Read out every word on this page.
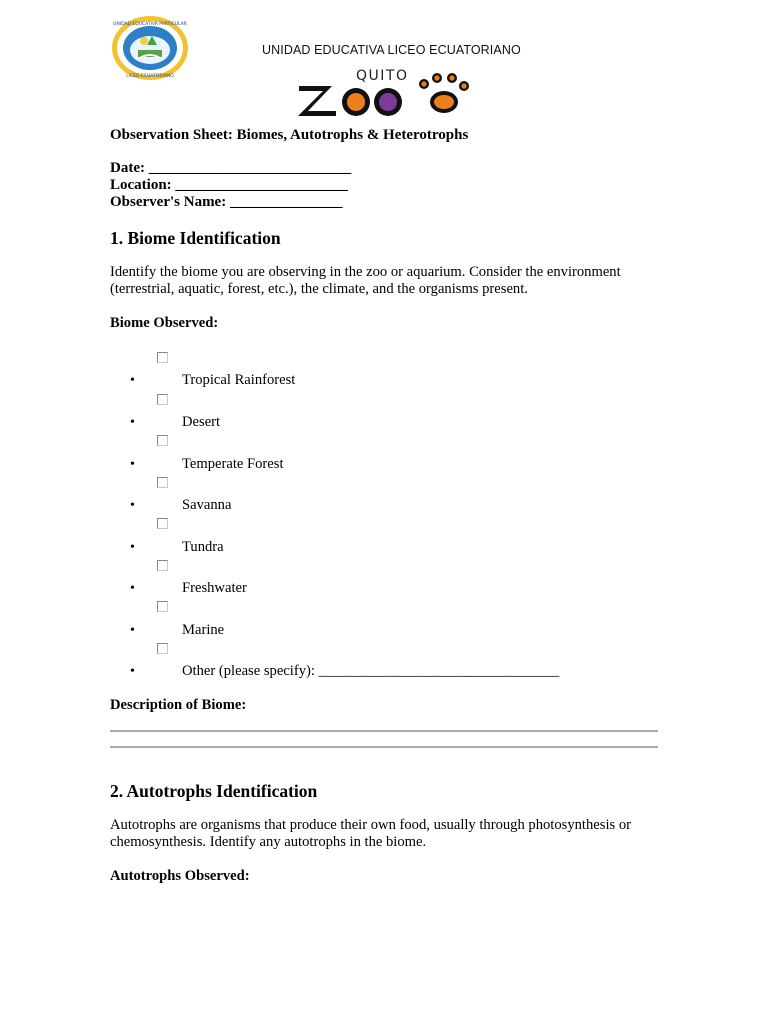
UNIDAD EDUCATIVA PARTICULAR
LICEO ECUATORIANO
UNIDAD EDUCATIVA LICEO ECUATORIANO
QUITO
Observation Sheet: Biomes, Autotrophs & Heterotrophs
Date: ___________________________
Location: _______________________
Observer's Name: _______________
1. Biome Identification
Identify the biome you are observing in the zoo or aquarium. Consider the environment (terrestrial, aquatic, forest, etc.), the climate, and the organisms present.
Biome Observed:
•	Tropical Rainforest
•	Desert
•	Temperate Forest
•	Savanna
•	Tundra
•	Freshwater
•	Marine
•	Other (please specify): _________________________________
Description of Biome:
2. Autotrophs Identification
Autotrophs are organisms that produce their own food, usually through photosynthesis or chemosynthesis. Identify any autotrophs in the biome.
Autotrophs Observed:
